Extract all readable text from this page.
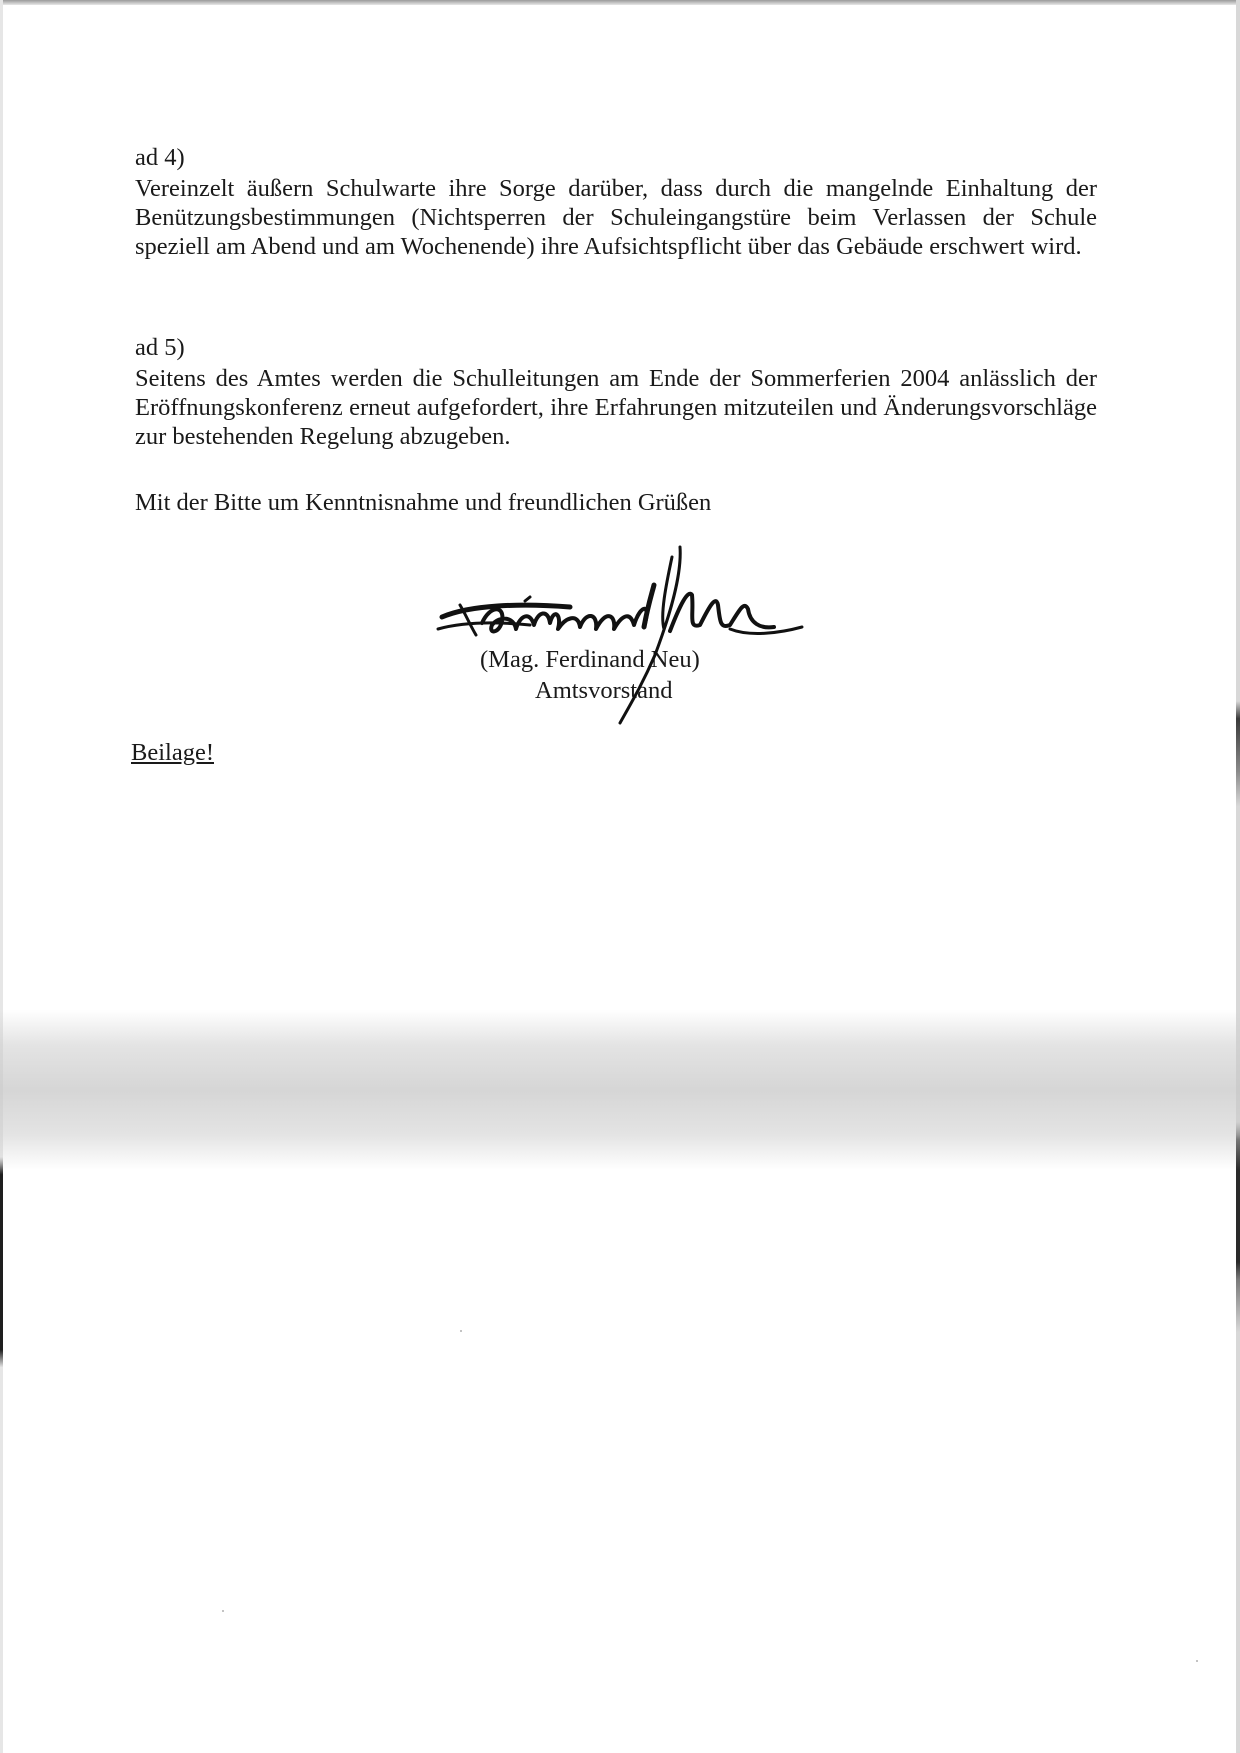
ad 4)

Vereinzelt äußern Schulwarte ihre Sorge darüber, dass durch die mangelnde Einhaltung der Benützungsbestimmungen (Nichtsperren der Schuleingangstüre beim Verlassen der Schule speziell am Abend und am Wochenende) ihre Aufsichtspflicht über das Gebäude erschwert wird.

ad 5)

Seitens des Amtes werden die Schulleitungen am Ende der Sommerferien 2004 anlässlich der Eröffnungskonferenz erneut aufgefordert, ihre Erfahrungen mitzuteilen und Änderungsvorschläge zur bestehenden Regelung abzugeben.

Mit der Bitte um Kenntnisnahme und freundlichen Grüßen

(Mag. Ferdinand Neu)
Amtsvorstand

Beilage!
